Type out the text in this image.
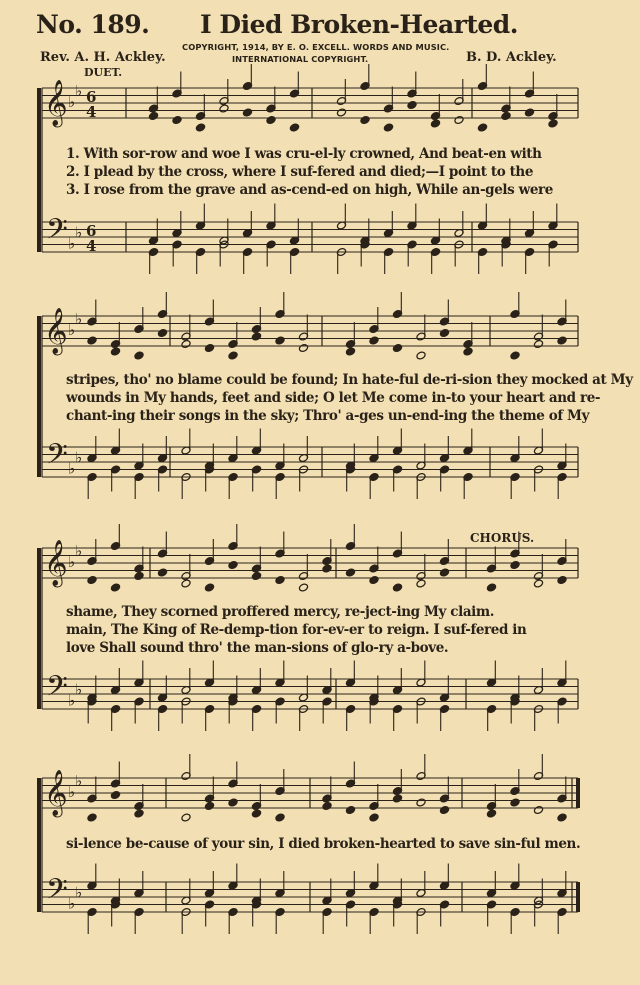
No. 189. I Died Broken-Hearted.
Rev. A. H. Ackley.
COPYRIGHT, 1914, BY E. O. EXCELL. WORDS AND MUSIC.
INTERNATIONAL COPYRIGHT.	B. D. Ackley.
DUET.
CHORUS.
𝄞
𝄢
♭
♭
♭
♭
6
4
6
4
𝄞
𝄢
♭
♭
♭
♭
𝄞
𝄢
♭
♭
♭
♭
𝄞
𝄢
♭
♭
♭
♭
1. With sor-row and woe I was cru-el-ly crowned, And beat-en with
2. I plead by the cross, where I suf-fered and died;—I point to the
3. I rose from the grave and as-cend-ed on high, While an-gels were
stripes, tho' no blame could be found; In hate-ful de-ri-sion they mocked at My
wounds in My hands, feet and side; O let Me come in-to your heart and re-
chant-ing their songs in the sky; Thro' a-ges un-end-ing the theme of My
shame, They scorned proffered mercy, re-ject-ing My claim.
main, The King of Re-demp-tion for-ev-er to reign. I suf-fered in
love Shall sound thro' the man-sions of glo-ry a-bove.
si-lence be-cause of your sin, I died broken-hearted to save sin-ful men.
